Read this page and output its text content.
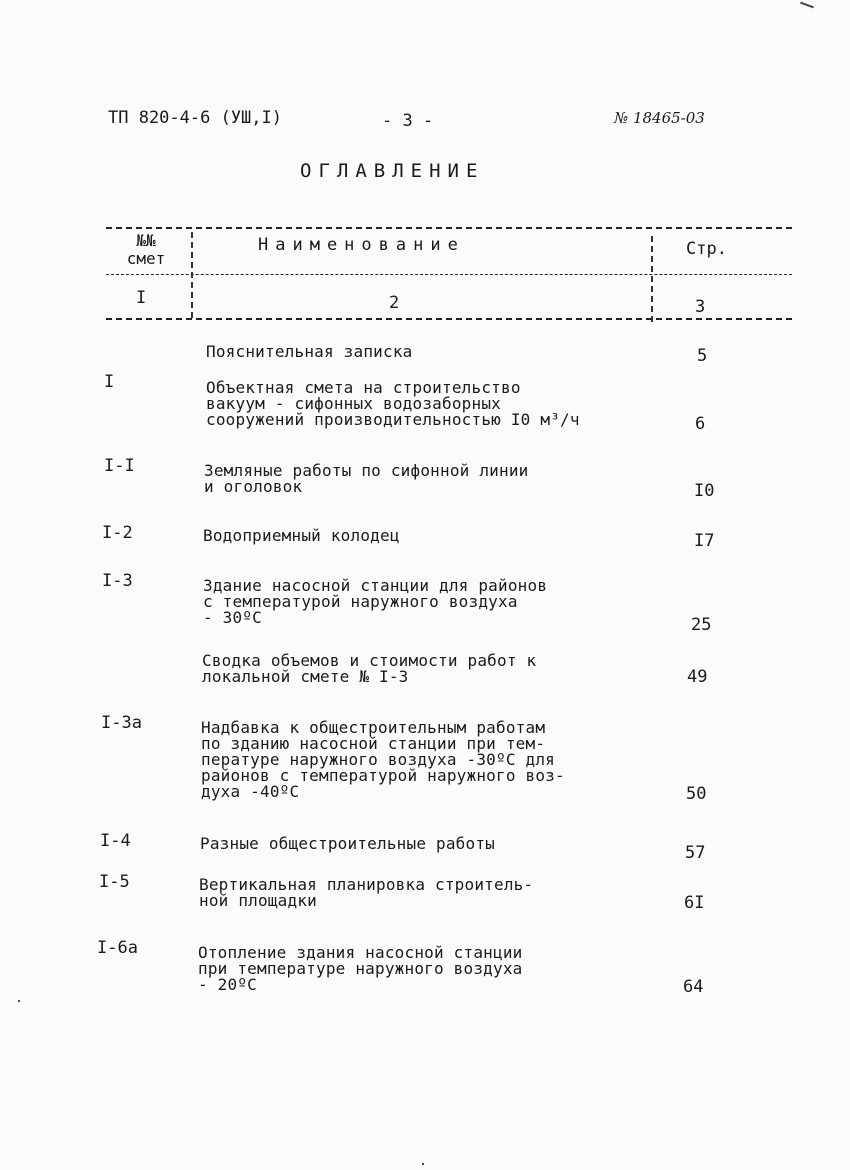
ТП 820-4-6 (УШ,I)	- 3 -	№ 18465-03
ОГЛАВЛЕНИЕ
№№
смет
Наименование	Стр.
I	2	3
Пояснительная записка	5
I	Объектная смета на строительство
вакуум - сифонных водозаборных
сооружений производительностью I0 м³/ч	6
I-I	Земляные работы по сифонной линии
и оголовок	I0
I-2	Водоприемный колодец	I7
I-3	Здание насосной станции для районов
с температурой наружного воздуха
- 30ºС	25
Сводка объемов и стоимости работ к
локальной смете № I-3	49
I-3а	Надбавка к общестроительным работам
по зданию насосной станции при тем-
пературе наружного воздуха -30ºС для
районов с температурой наружного воз-
духа -40ºС	50
I-4	Разные общестроительные работы	57
I-5	Вертикальная планировка строитель-
ной площадки	6I
I-6а	Отопление здания насосной станции
при температуре наружного воздуха
- 20ºС	64
